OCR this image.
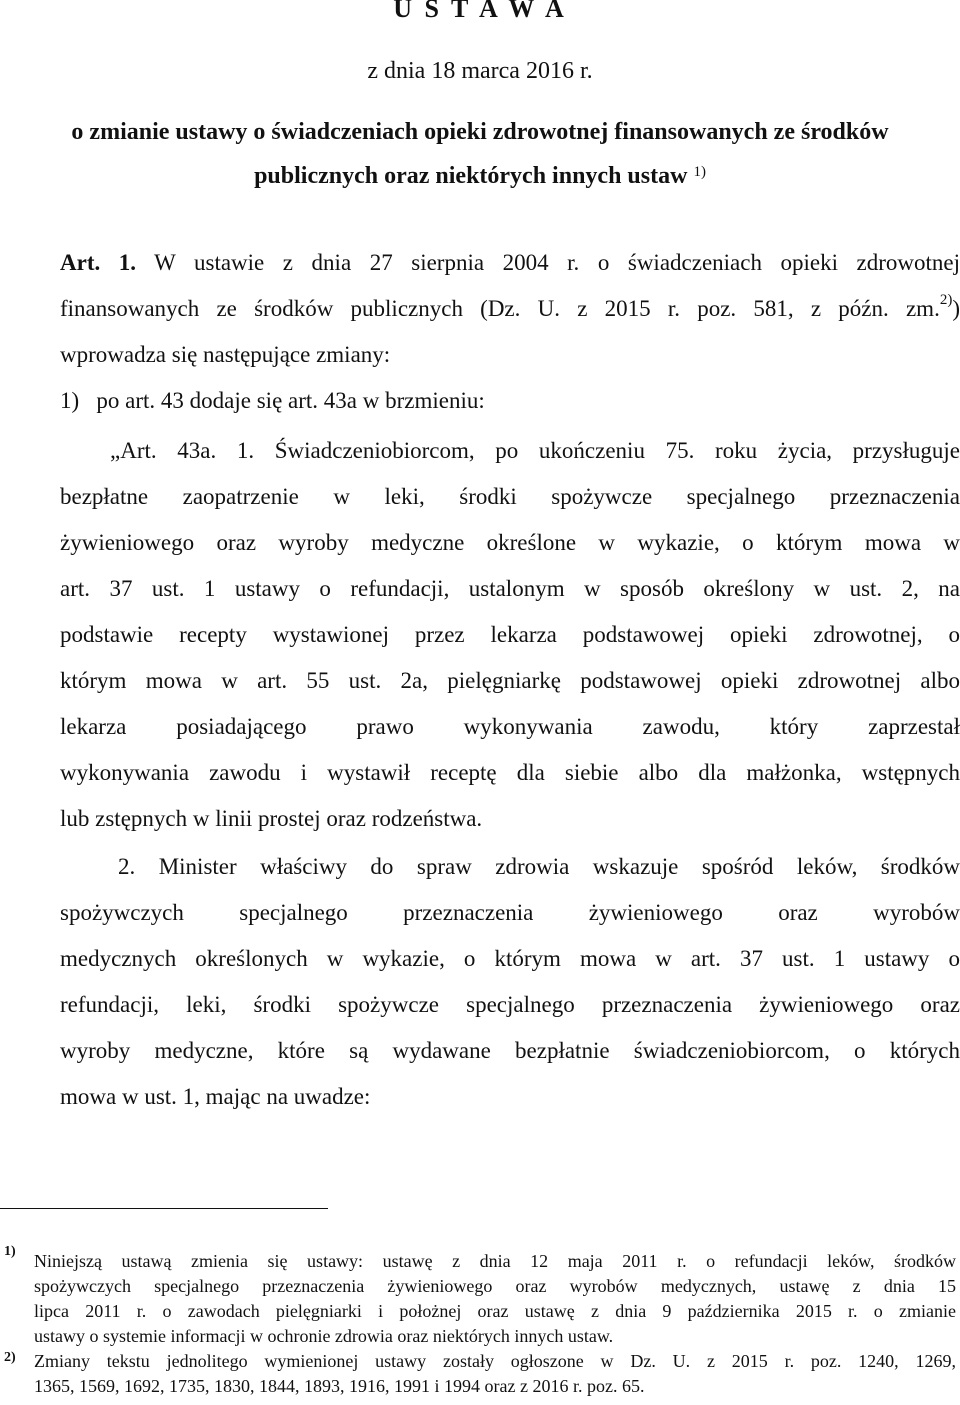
U S T A W A
z dnia 18 marca 2016 r.
o zmianie ustawy o świadczeniach opieki zdrowotnej finansowanych ze środków
publicznych oraz niektórych innych ustaw $^{1)}$
Art. 1. W ustawie z dnia 27 sierpnia 2004 r. o świadczeniach opieki zdrowotnej
finansowanych ze środków publicznych (Dz. U. z 2015 r. poz. 581, z późn. zm.$^{2)}$)
wprowadza się następujące zmiany:
1)   po art. 43 dodaje się art. 43a w brzmieniu:
„Art. 43a. 1. Świadczeniobiorcom, po ukończeniu 75. roku życia, przysługuje
bezpłatne zaopatrzenie w leki, środki spożywcze specjalnego przeznaczenia
żywieniowego oraz wyroby medyczne określone w wykazie, o którym mowa w
art. 37 ust. 1 ustawy o refundacji, ustalonym w sposób określony w ust. 2, na
podstawie recepty wystawionej przez lekarza podstawowej opieki zdrowotnej, o
którym mowa w art. 55 ust. 2a, pielęgniarkę podstawowej opieki zdrowotnej albo
lekarza posiadającego prawo wykonywania zawodu, który zaprzestał
wykonywania zawodu i wystawił receptę dla siebie albo dla małżonka, wstępnych
lub zstępnych w linii prostej oraz rodzeństwa.
2. Minister właściwy do spraw zdrowia wskazuje spośród leków, środków
spożywczych specjalnego przeznaczenia żywieniowego oraz wyrobów
medycznych określonych w wykazie, o którym mowa w art. 37 ust. 1 ustawy o
refundacji, leki, środki spożywcze specjalnego przeznaczenia żywieniowego oraz
wyroby medyczne, które są wydawane bezpłatnie świadczeniobiorcom, o których
mowa w ust. 1, mając na uwadze:
1) Niniejszą ustawą zmienia się ustawy: ustawę z dnia 12 maja 2011 r. o refundacji leków, środków
spożywczych specjalnego przeznaczenia żywieniowego oraz wyrobów medycznych, ustawę z dnia 15
lipca 2011 r. o zawodach pielęgniarki i położnej oraz ustawę z dnia 9 października 2015 r. o zmianie
ustawy o systemie informacji w ochronie zdrowia oraz niektórych innych ustaw.
2) Zmiany tekstu jednolitego wymienionej ustawy zostały ogłoszone w Dz. U. z 2015 r. poz. 1240, 1269,
1365, 1569, 1692, 1735, 1830, 1844, 1893, 1916, 1991 i 1994 oraz z 2016 r. poz. 65.
